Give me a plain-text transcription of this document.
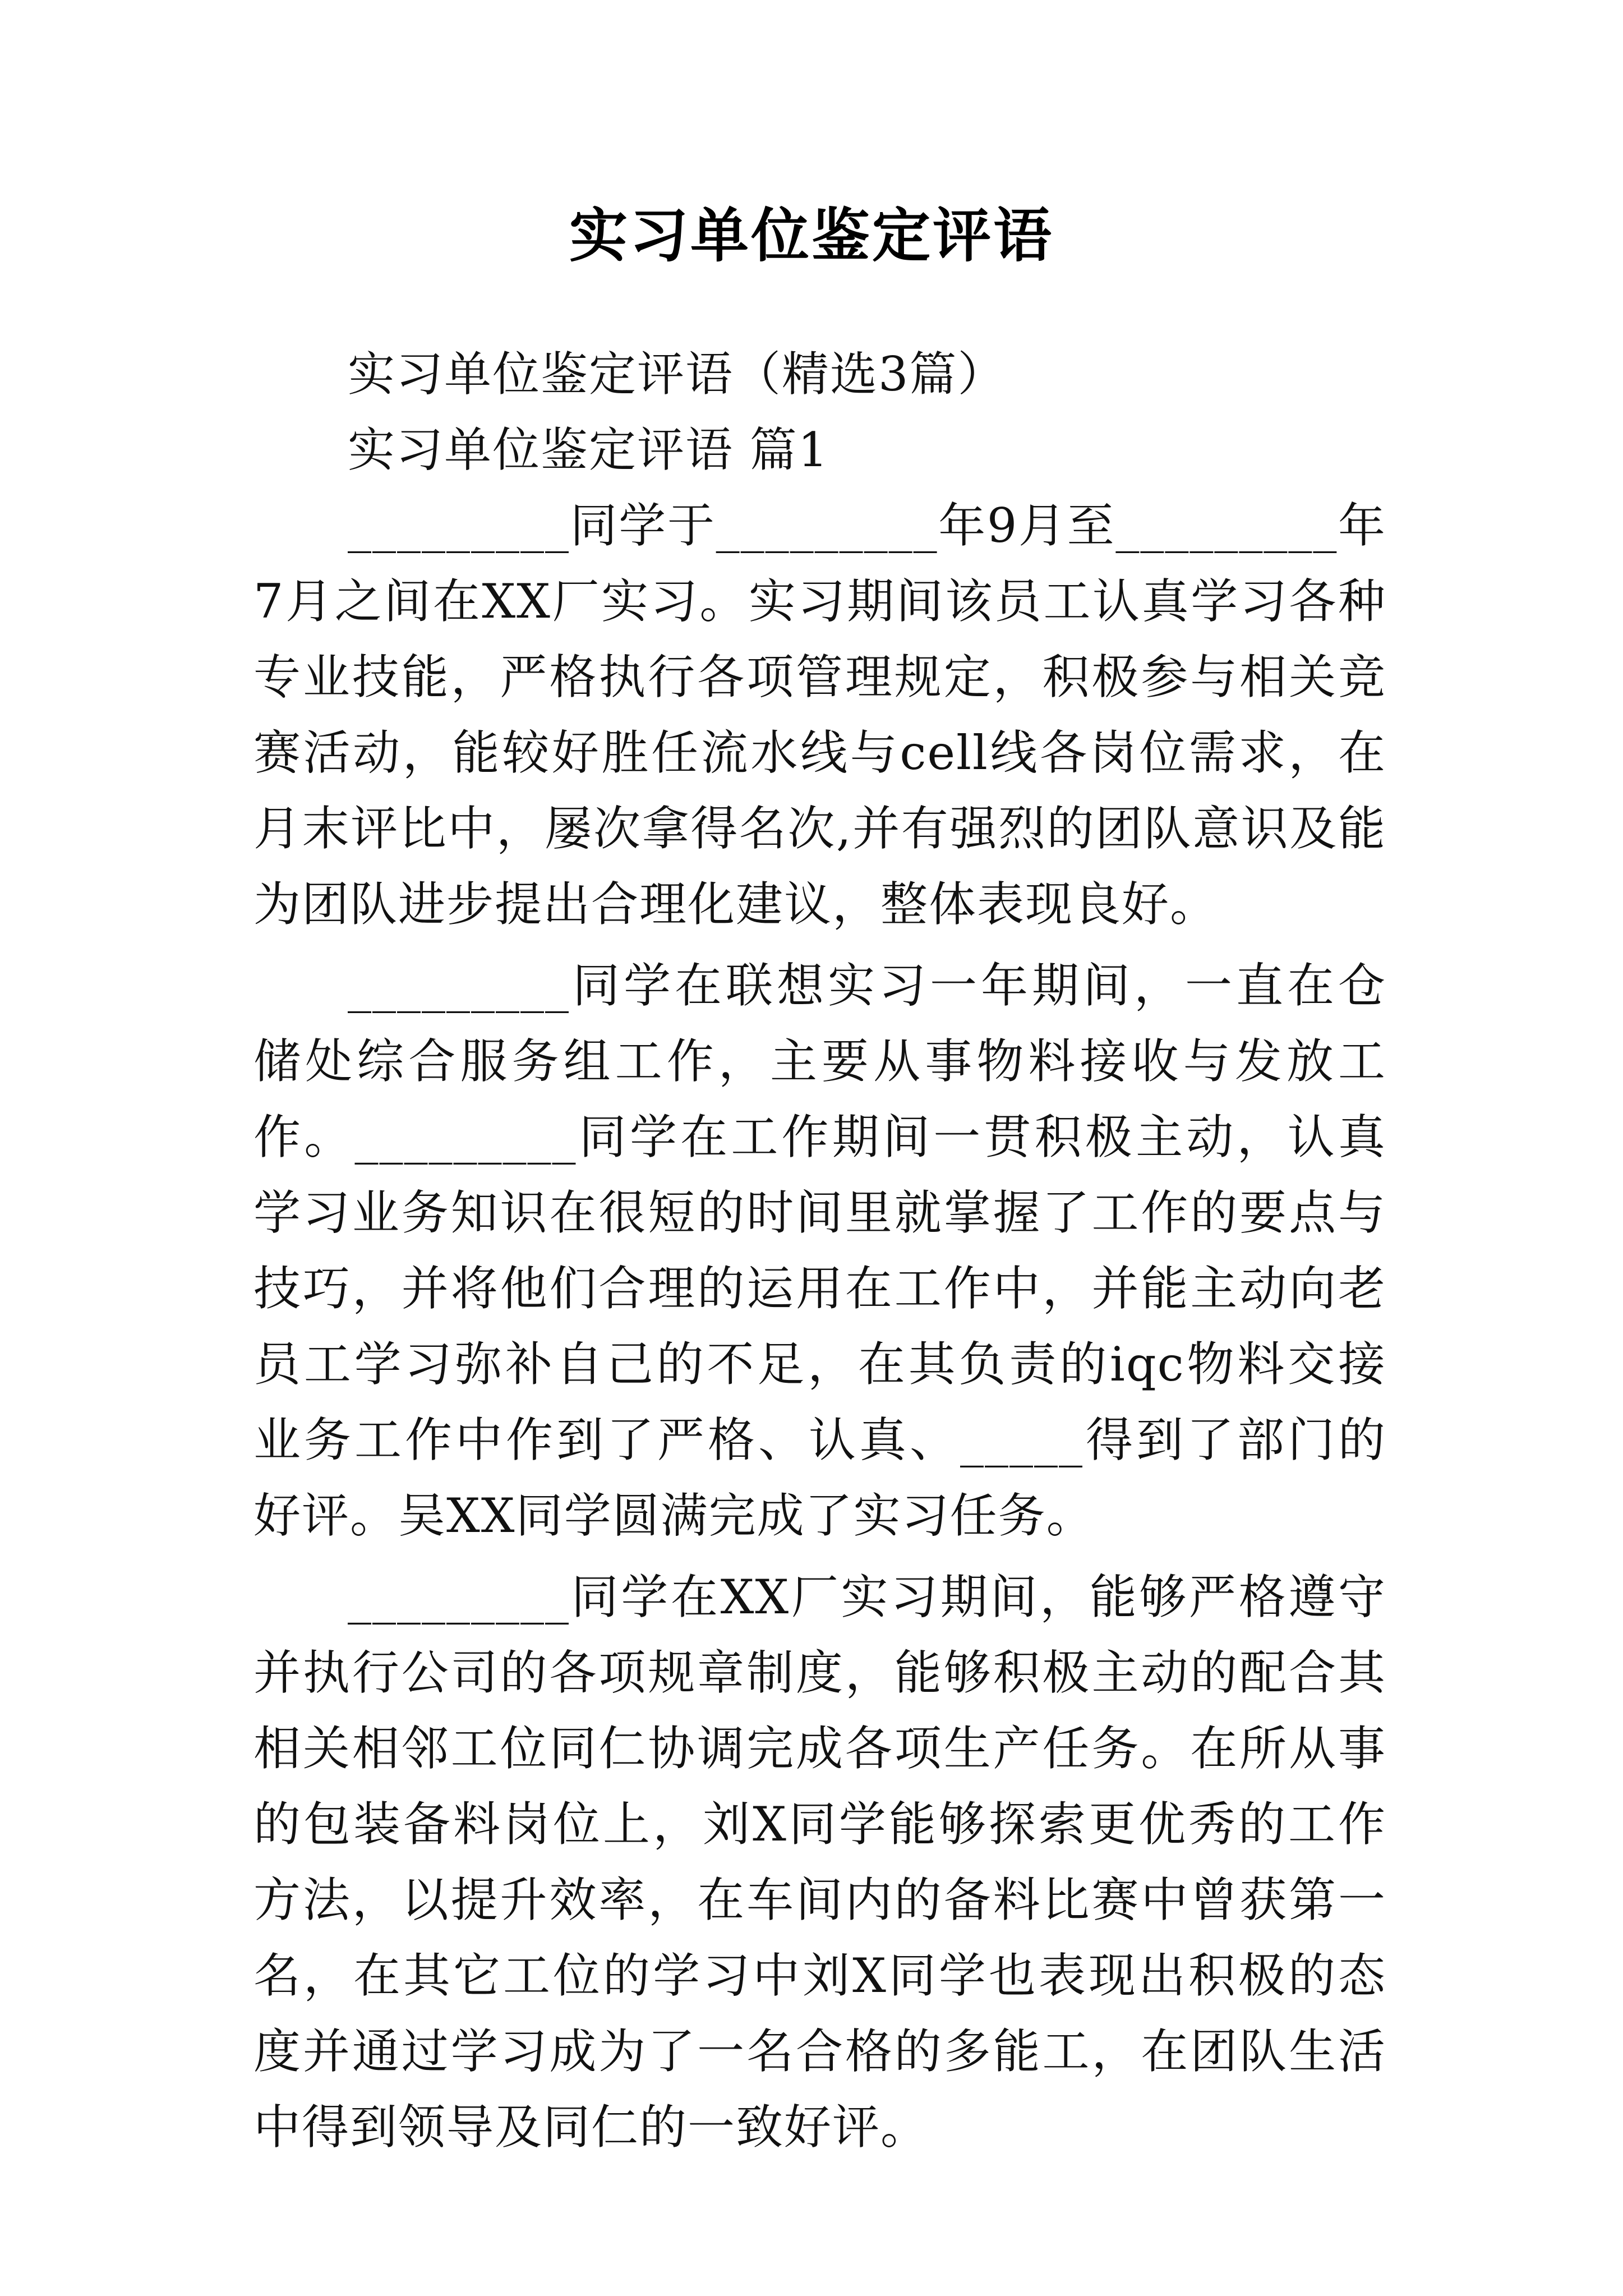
实习单位鉴定评语

实习单位鉴定评语（精选3篇）

实习单位鉴定评语 篇1

_________同学于_________年9月至_________年7月之间在XX厂实习。实习期间该员工认真学习各种专业技能，严格执行各项管理规定，积极参与相关竞赛活动，能较好胜任流水线与cell线各岗位需求，在月末评比中，屡次拿得名次,并有强烈的团队意识及能为团队进步提出合理化建议，整体表现良好。

_________同学在联想实习一年期间，一直在仓储处综合服务组工作，主要从事物料接收与发放工作。_________同学在工作期间一贯积极主动，认真学习业务知识在很短的时间里就掌握了工作的要点与技巧，并将他们合理的运用在工作中，并能主动向老员工学习弥补自己的不足，在其负责的iqc物料交接业务工作中作到了严格、认真、_____得到了部门的好评。吴XX同学圆满完成了实习任务。

_________同学在XX厂实习期间，能够严格遵守并执行公司的各项规章制度，能够积极主动的配合其相关相邻工位同仁协调完成各项生产任务。在所从事的包装备料岗位上，刘X同学能够探索更优秀的工作方法，以提升效率，在车间内的备料比赛中曾获第一名，在其它工位的学习中刘X同学也表现出积极的态度并通过学习成为了一名合格的多能工，在团队生活中得到领导及同仁的一致好评。
